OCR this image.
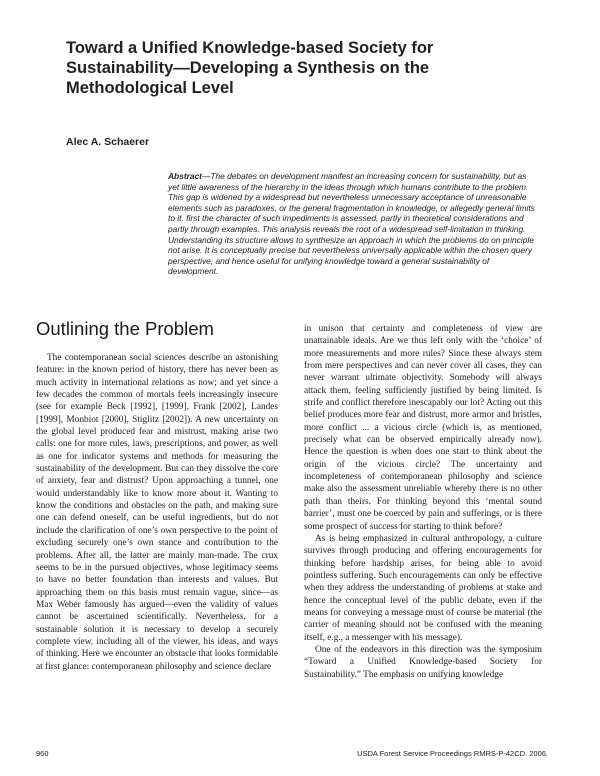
Toward a Unified Knowledge-based Society for
Sustainability—Developing a Synthesis on the
Methodological Level
Alec A. Schaerer
Abstract—The debates on development manifest an increasing concern for sustainability, but as yet little awareness of the hierarchy in the ideas through which humans contribute to the problem. This gap is widened by a widespread but nevertheless unnecessary acceptance of unreasonable elements such as paradoxes, or the general fragmentation in knowledge, or allegedly general limits to it. first the character of such impediments is assessed, partly in theoretical considerations and partly through examples. This analysis reveals the root of a widespread self-limitation in thinking. Understanding its structure allows to synthesize an approach in which the problems do on principle not arise. It is conceptually precise but nevertheless universally applicable within the chosen query perspective, and hence useful for unifying knowledge toward a general sustainability of development.
Outlining the Problem

The contemporanean social sciences describe an astonishing feature: in the known period of history, there has never been as much activity in international relations as now; and yet since a few decades the common of mortals feels increasingly insecure (see for example Beck [1992], [1999], Frank [2002], Landes [1999], Monbiot [2000], Stiglitz [2002]). A new uncertainty on the global level produced fear and mistrust, making arise two calls: one for more rules, laws, prescriptions, and power, as well as one for indicator systems and methods for measuring the sustainability of the development. But can they dissolve the core of anxiety, fear and distrust? Upon approaching a tunnel, one would understandably like to know more about it. Wanting to know the conditions and obstacles on the path, and making sure one can defend oneself, can be useful ingredients, but do not include the clarification of one’s own perspective to the point of excluding securely one’s own stance and contribution to the problems. After all, the latter are mainly man-made. The crux seems to be in the pursued objectives, whose legitimacy seems to have no better foundation than interests and values. But approaching them on this basis must remain vague, since—as Max Weber famously has argued—even the validity of values cannot be ascertained scientifically. Nevertheless, for a sustainable solution it is necessary to develop a securely complete view, including all of the viewer, his ideas, and ways of thinking. Here we encounter an obstacle that looks formidable at first glance: contemporanean philosophy and science declare

in unison that certainty and completeness of view are unattainable ideals. Are we thus left only with the ‘choice’ of more measurements and more rules? Since these always stem from mere perspectives and can never cover all cases, they can never warrant ultimate objectivity. Somebody will always attack them, feeling sufficiently justified by being limited. Is strife and conflict therefore inescapably our lot? Acting out this belief produces more fear and distrust, more armor and bristles, more conflict ... a vicious circle (which is, as mentioned, precisely what can be observed empirically already now). Hence the question is when does one start to think about the origin of the vicious circle? The uncertainty and incompleteness of contemporanean philosophy and science make also the assessment unreliable whereby there is no other path than theirs. For thinking beyond this ‘mental sound barrier’, must one be coerced by pain and sufferings, or is there some prospect of success for starting to think before?

As is being emphasized in cultural anthropology, a culture survives through producing and offering encouragements for thinking before hardship arises, for being able to avoid pointless suffering. Such encouragements can only be effective when they address the understanding of problems at stake and hence the conceptual level of the public debate, even if the means for conveying a message must of course be material (the carrier of meaning should not be confused with the meaning itself, e.g., a messenger with his message).

One of the endeavors in this direction was the symposium “Toward a Unified Knowledge-based Society for Sustainability.” The emphasis on unifying knowledge

960	USDA Forest Service Proceedings RMRS-P-42CD. 2006.
